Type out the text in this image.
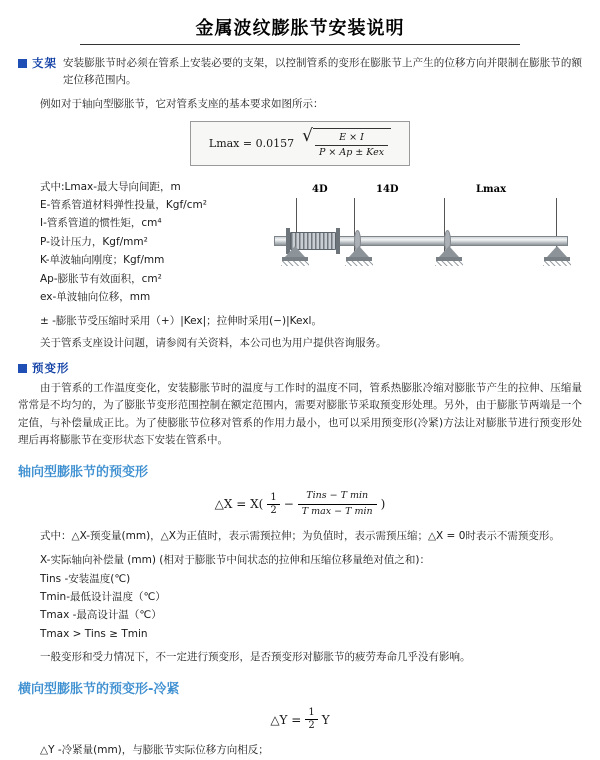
金属波纹膨胀节安装说明
支架 安装膨胀节时必须在管系上安装必要的支架，以控制管系的变形在膨胀节上产生的位移方向并限制在膨胀节的额定位移范围内。

例如对于轴向型膨胀节，它对管系支座的基本要求如图所示：

Lmax = 0.0157 √ $\frac{E \times I}{\text{P × Ap ± Kex}}$
式中:Lmax-最大导向间距，m
E-管系管道材料弹性投量，Kgf/cm²
I-管系管道的惯性矩，cm⁴
P-设计压力，Kgf/mm²
K-单波轴向刚度；Kgf/mm
Ap-膨胀节有效面积，cm²
ex-单波轴向位移，mm
4D	14D	Lmax
± -膨胀节受压缩时采用（+）|Kex|；拉伸时采用(−)|Kexl。

关于管系支座设计问题，请参阅有关资料，本公司也为用户提供咨询服务。

预变形

由于管系的工作温度变化，安装膨胀节时的温度与工作时的温度不同，管系热膨胀冷缩对膨胀节产生的拉伸、压缩量常常是不均匀的，为了膨胀节变形范围控制在额定范围内，需要对膨胀节采取预变形处理。另外，由于膨胀节两端是一个定值，与补偿量成正比。为了使膨胀节位移对管系的作用力最小，也可以采用预变形(冷紧)方法让对膨胀节进行预变形处理后再将膨胀节在变形状态下安装在管系中。

轴向型膨胀节的预变形
△X = X( 1
2 −
Tins − T min
T max − T min )

式中：△X-预变量(mm)，△X为正值时，表示需预拉伸；为负值时，表示需预压缩；△X = 0时表示不需预变形。

X-实际轴向补偿量 (mm) (相对于膨胀节中间状态的拉伸和压缩位移量绝对值之和)：
Tins -安装温度(℃)
Tmin-最低设计温度（℃）
Tmax -最高设计温（℃）
Tmax > Tins ≥ Tmin

一般变形和受力情况下，不一定进行预变形，是否预变形对膨胀节的疲劳寿命几乎没有影响。

横向型膨胀节的预变形-冷紧
△Y = $\frac{1}{2}$ Y

△Y -冷紧量(mm)，与膨胀节实际位移方向相反；
